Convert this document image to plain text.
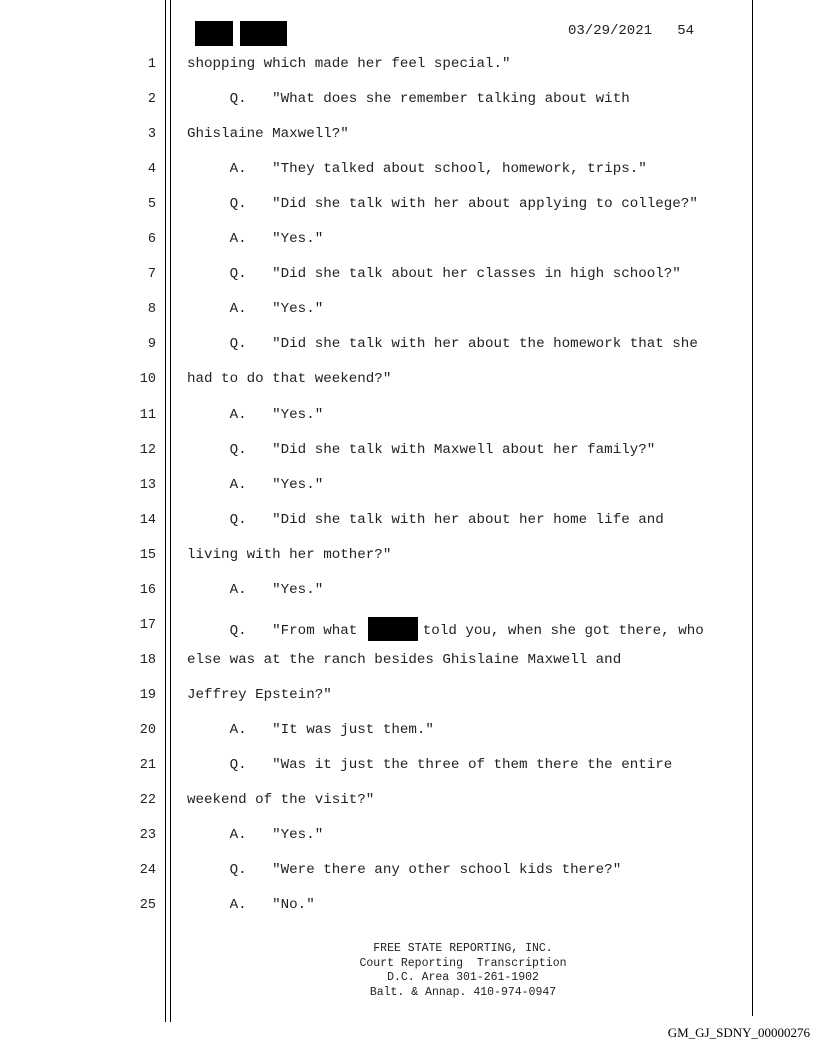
03/29/2021   54
1 shopping which made her feel special."
2 Q.   "What does she remember talking about with
3 Ghislaine Maxwell?"
4 A.   "They talked about school, homework, trips."
5 Q.   "Did she talk with her about applying to college?"
6 A.   "Yes."
7 Q.   "Did she talk about her classes in high school?"
8 A.   "Yes."
9 Q.   "Did she talk with her about the homework that she
10 had to do that weekend?"
11 A.   "Yes."
12 Q.   "Did she talk with Maxwell about her family?"
13 A.   "Yes."
14 Q.   "Did she talk with her about her home life and
15 living with her mother?"
16 A.   "Yes."
17 Q.   "From what	told you, when she got there, who
18 else was at the ranch besides Ghislaine Maxwell and
19 Jeffrey Epstein?"
20 A.   "It was just them."
21 Q.   "Was it just the three of them there the entire
22 weekend of the visit?"
23 A.   "Yes."
24 Q.   "Were there any other school kids there?"
25 A.   "No."
FREE STATE REPORTING, INC.
Court Reporting  Transcription
D.C. Area 301-261-1902
Balt. & Annap. 410-974-0947
GM_GJ_SDNY_00000276
